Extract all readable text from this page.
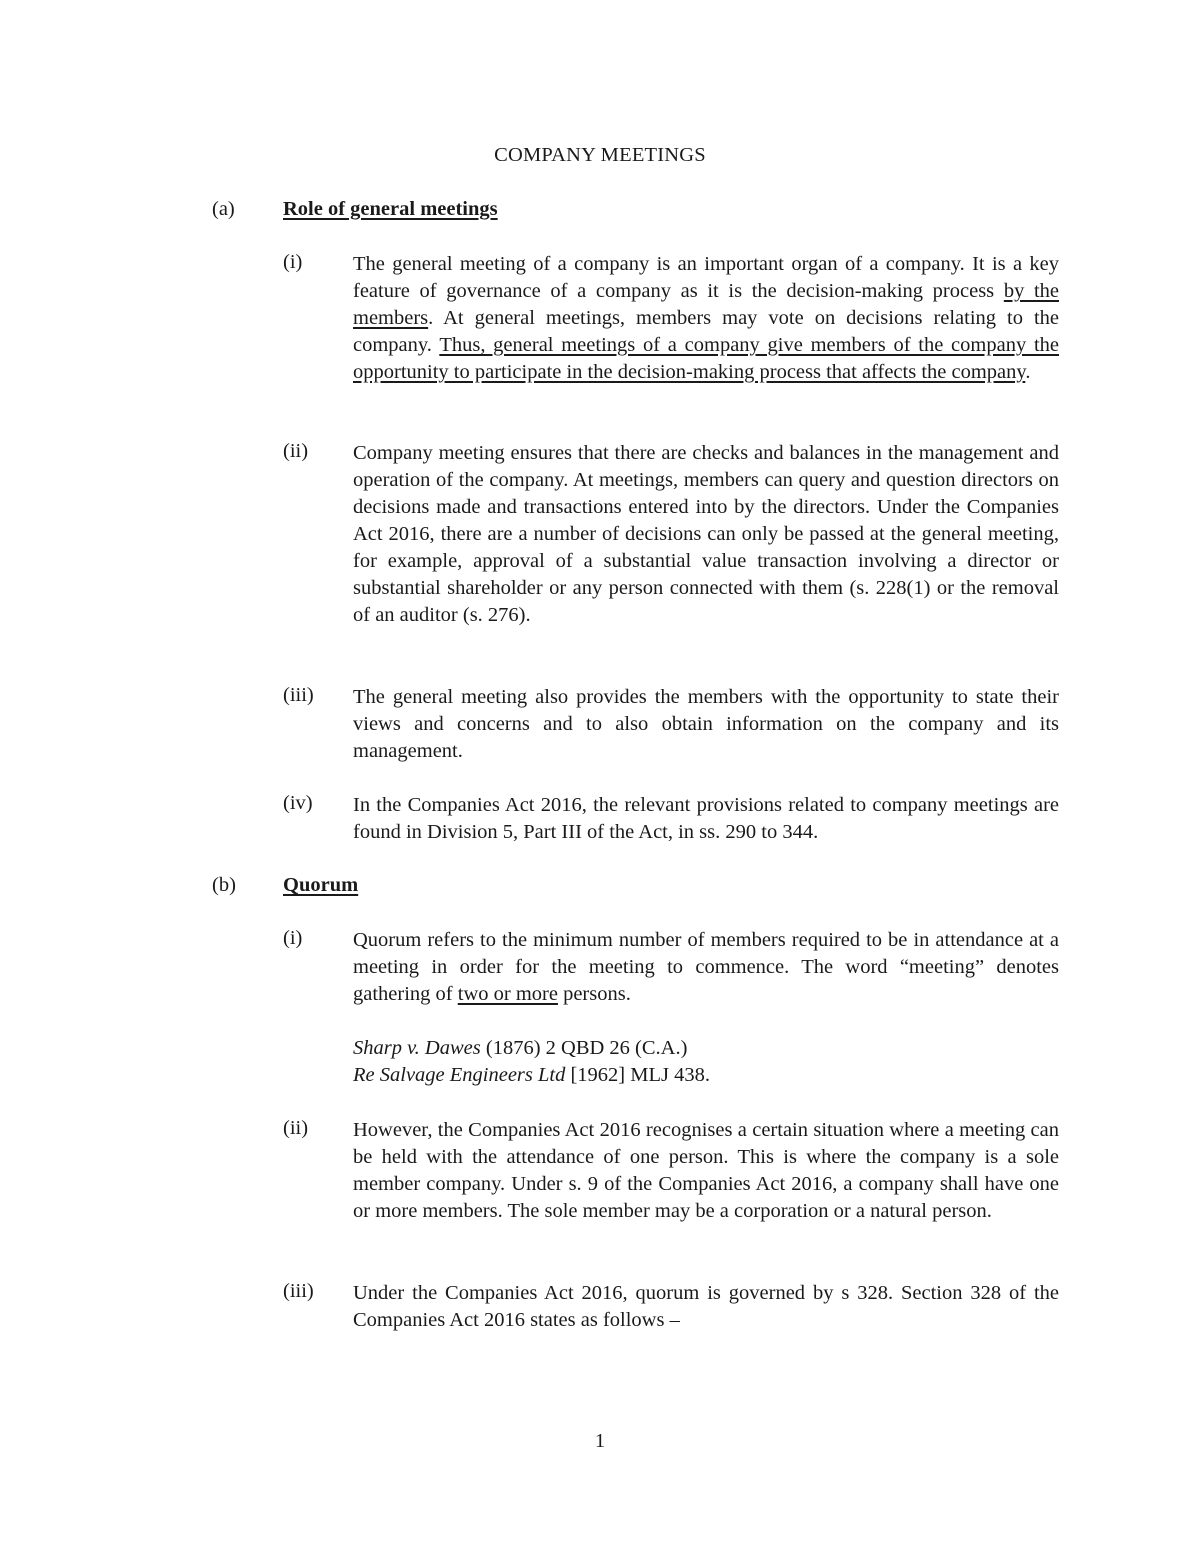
COMPANY MEETINGS
(a) Role of general meetings
(i) The general meeting of a company is an important organ of a company. It is a key feature of governance of a company as it is the decision-making process by the members. At general meetings, members may vote on decisions relating to the company. Thus, general meetings of a company give members of the company the opportunity to participate in the decision-making process that affects the company.
(ii) Company meeting ensures that there are checks and balances in the management and operation of the company. At meetings, members can query and question directors on decisions made and transactions entered into by the directors. Under the Companies Act 2016, there are a number of decisions can only be passed at the general meeting, for example, approval of a substantial value transaction involving a director or substantial shareholder or any person connected with them (s. 228(1) or the removal of an auditor (s. 276).
(iii) The general meeting also provides the members with the opportunity to state their views and concerns and to also obtain information on the company and its management.
(iv) In the Companies Act 2016, the relevant provisions related to company meetings are found in Division 5, Part III of the Act, in ss. 290 to 344.
(b) Quorum
(i) Quorum refers to the minimum number of members required to be in attendance at a meeting in order for the meeting to commence. The word “meeting” denotes gathering of two or more persons.
Sharp v. Dawes (1876) 2 QBD 26 (C.A.)
Re Salvage Engineers Ltd [1962] MLJ 438.
(ii) However, the Companies Act 2016 recognises a certain situation where a meeting can be held with the attendance of one person. This is where the company is a sole member company. Under s. 9 of the Companies Act 2016, a company shall have one or more members. The sole member may be a corporation or a natural person.
(iii) Under the Companies Act 2016, quorum is governed by s 328. Section 328 of the Companies Act 2016 states as follows –
1
